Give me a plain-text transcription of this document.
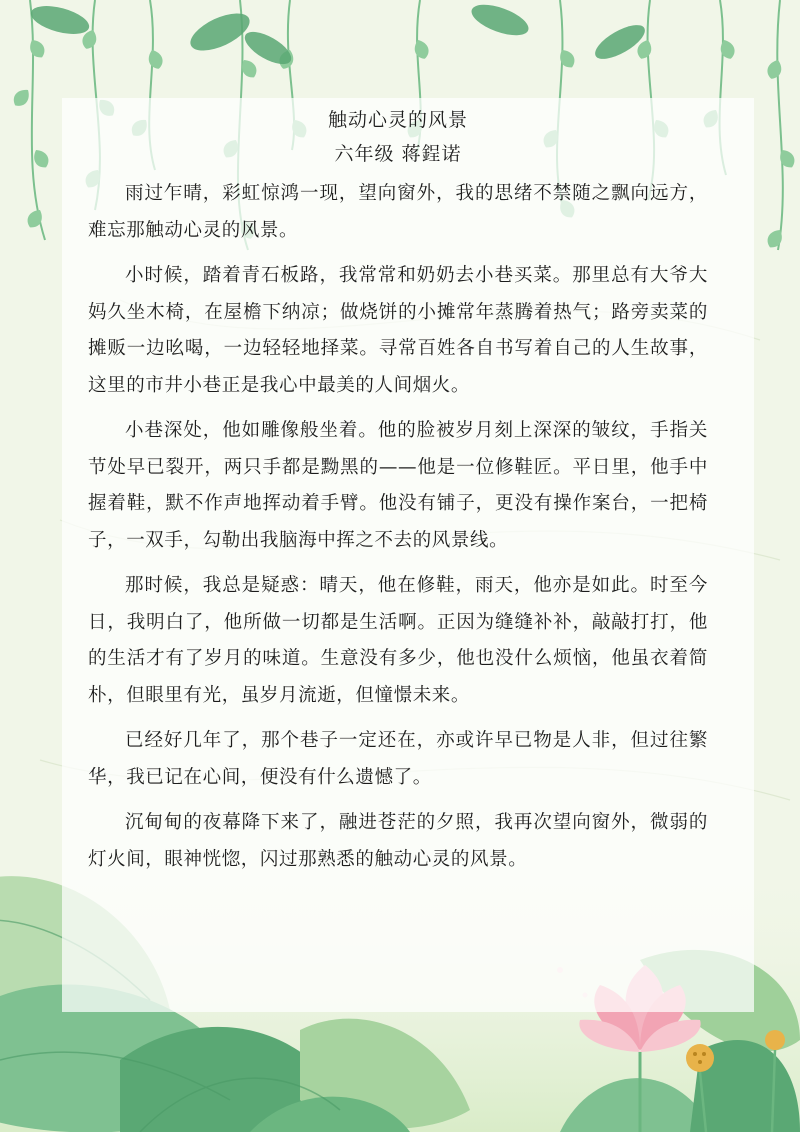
触动心灵的风景

六年级 蒋鋥诺

雨过乍晴，彩虹惊鸿一现，望向窗外，我的思绪不禁随之飘向远方，难忘那触动心灵的风景。

小时候，踏着青石板路，我常常和奶奶去小巷买菜。那里总有大爷大妈久坐木椅，在屋檐下纳凉；做烧饼的小摊常年蒸腾着热气；路旁卖菜的摊贩一边吆喝，一边轻轻地择菜。寻常百姓各自书写着自己的人生故事，这里的市井小巷正是我心中最美的人间烟火。

小巷深处，他如雕像般坐着。他的脸被岁月刻上深深的皱纹，手指关节处早已裂开，两只手都是黝黑的——他是一位修鞋匠。平日里，他手中握着鞋，默不作声地挥动着手臂。他没有铺子，更没有操作案台，一把椅子，一双手，勾勒出我脑海中挥之不去的风景线。

那时候，我总是疑惑：晴天，他在修鞋，雨天，他亦是如此。时至今日，我明白了，他所做一切都是生活啊。正因为缝缝补补，敲敲打打，他的生活才有了岁月的味道。生意没有多少，他也没什么烦恼，他虽衣着简朴，但眼里有光，虽岁月流逝，但憧憬未来。

已经好几年了，那个巷子一定还在，亦或许早已物是人非，但过往繁华，我已记在心间，便没有什么遗憾了。

沉甸甸的夜幕降下来了，融进苍茫的夕照，我再次望向窗外，微弱的灯火间，眼神恍惚，闪过那熟悉的触动心灵的风景。
